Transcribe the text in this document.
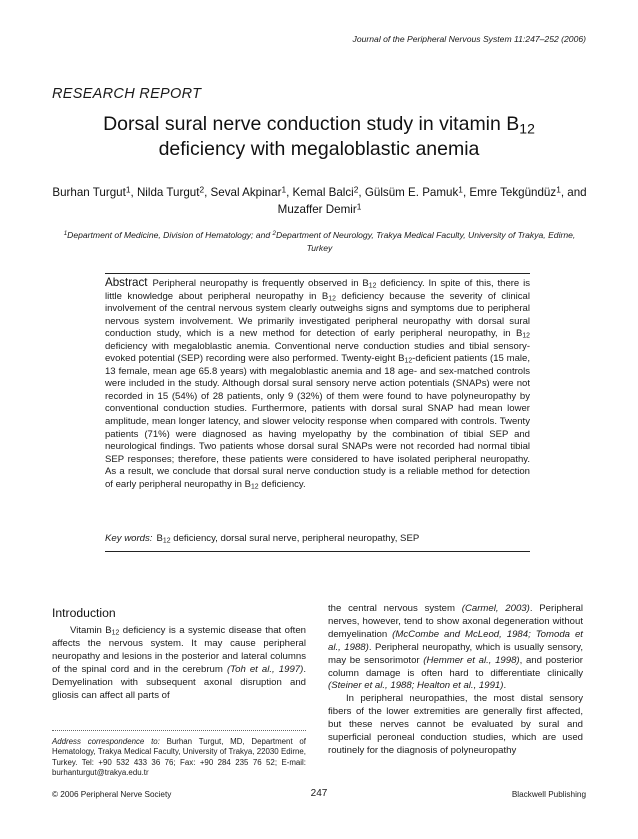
Journal of the Peripheral Nervous System 11:247–252 (2006)
RESEARCH REPORT
Dorsal sural nerve conduction study in vitamin $B_{12}$
deficiency with megaloblastic anemia
Burhan Turgut$^1$, Nilda Turgut$^2$, Seval Akpinar$^1$, Kemal Balci$^2$, Gülsüm E. Pamuk$^1$, Emre Tekgündüz$^1$, and Muzaffer Demir$^1$
$^1$Department of Medicine, Division of Hematology; and $^2$Department of Neurology, Trakya Medical Faculty, University of Trakya, Edirne, Turkey
Abstract Peripheral neuropathy is frequently observed in $B_{12}$ deficiency. In spite of this, there is little knowledge about peripheral neuropathy in $B_{12}$ deficiency because the severity of clinical involvement of the central nervous system clearly outweighs signs and symptoms due to peripheral nervous system involvement. We primarily investigated peripheral neuropathy with dorsal sural conduction study, which is a new method for detection of early peripheral neuropathy, in $B_{12}$ deficiency with megaloblastic anemia. Conventional nerve conduction studies and tibial sensory-evoked potential (SEP) recording were also performed. Twenty-eight $B_{12}$-deficient patients (15 male, 13 female, mean age 65.8 years) with megaloblastic anemia and 18 age- and sex-matched controls were included in the study. Although dorsal sural sensory nerve action potentials (SNAPs) were not recorded in 15 (54%) of 28 patients, only 9 (32%) of them were found to have polyneuropathy by conventional conduction studies. Furthermore, patients with dorsal sural SNAP had mean lower amplitude, mean longer latency, and slower velocity response when compared with controls. Twenty patients (71%) were diagnosed as having myelopathy by the combination of tibial SEP and neurological findings. Two patients whose dorsal sural SNAPs were not recorded had normal tibial SEP responses; therefore, these patients were considered to have isolated peripheral neuropathy. As a result, we conclude that dorsal sural nerve conduction study is a reliable method for detection of early peripheral neuropathy in $B_{12}$ deficiency.
Key words: $B_{12}$ deficiency, dorsal sural nerve, peripheral neuropathy, SEP
Introduction

Vitamin $B_{12}$ deficiency is a systemic disease that often affects the nervous system. It may cause peripheral neuropathy and lesions in the posterior and lateral columns of the spinal cord and in the cerebrum (Toh et al., 1997). Demyelination with subsequent axonal disruption and gliosis can affect all parts of

the central nervous system (Carmel, 2003). Peripheral nerves, however, tend to show axonal degeneration without demyelination (McCombe and McLeod, 1984; Tomoda et al., 1988). Peripheral neuropathy, which is usually sensory, may be sensorimotor (Hemmer et al., 1998), and posterior column damage is often hard to differentiate clinically (Steiner et al., 1988; Healton et al., 1991).

In peripheral neuropathies, the most distal sensory fibers of the lower extremities are generally first affected, but these nerves cannot be evaluated by sural and superficial peroneal conduction studies, which are used routinely for the diagnosis of polyneuropathy

Address correspondence to: Burhan Turgut, MD, Department of Hematology, Trakya Medical Faculty, University of Trakya, 22030 Edirne, Turkey. Tel: +90 532 433 36 76; Fax: +90 284 235 76 52; E-mail: burhanturgut@trakya.edu.tr
© 2006 Peripheral Nerve Society	247	Blackwell Publishing
